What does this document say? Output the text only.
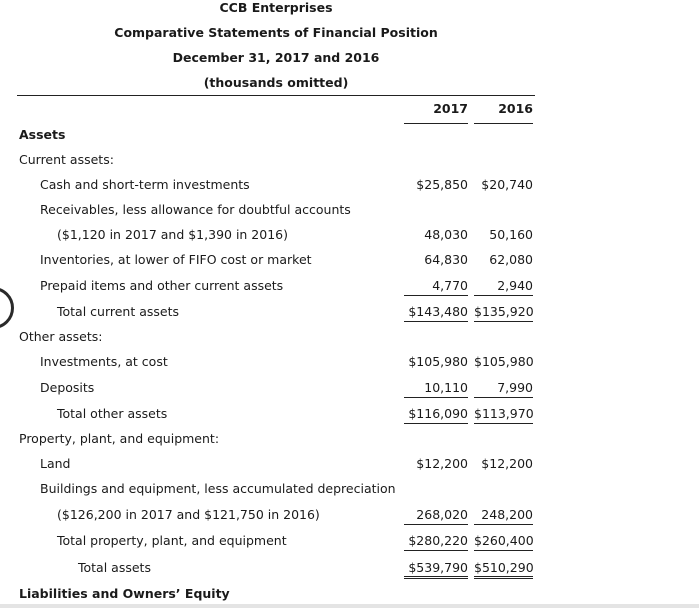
CCB Enterprises
Comparative Statements of Financial Position
December 31, 2017 and 2016
(thousands omitted)
2017	2016
Assets
Current assets:
Cash and short-term investments	$25,850	$20,740
Receivables, less allowance for doubtful accounts
($1,120 in 2017 and $1,390 in 2016)	48,030	50,160
Inventories, at lower of FIFO cost or market	64,830	62,080
Prepaid items and other current assets	4,770	2,940
Total current assets	$143,480 $135,920
Other assets:
Investments, at cost	$105,980 $105,980
Deposits	10,110	7,990
Total other assets	$116,090 $113,970
Property, plant, and equipment:
Land	$12,200	$12,200
Buildings and equipment, less accumulated depreciation
($126,200 in 2017 and $121,750 in 2016)	268,020	248,200
Total property, plant, and equipment	$280,220 $260,400
Total assets	$539,790 $510,290
Liabilities and Owners’ Equity
